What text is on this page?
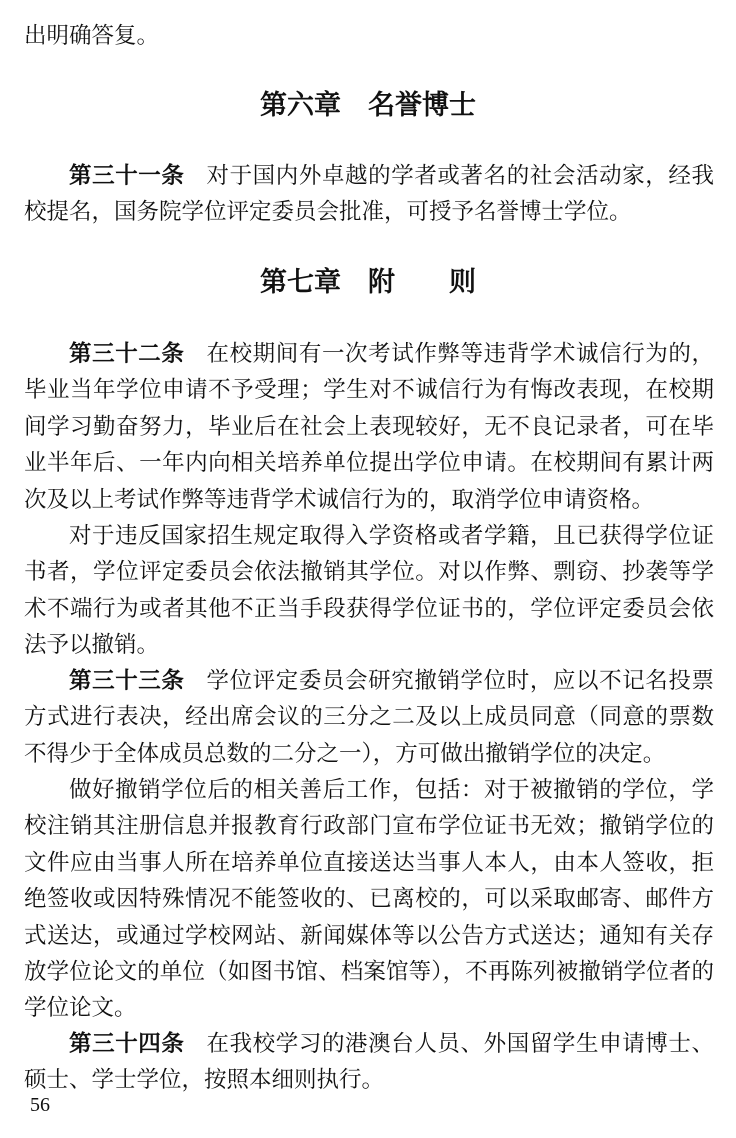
出明确答复。

第六章　名誉博士

第三十一条 对于国内外卓越的学者或著名的社会活动家，经我校提名，国务院学位评定委员会批准，可授予名誉博士学位。

第七章　附　　则

第三十二条 在校期间有一次考试作弊等违背学术诚信行为的，毕业当年学位申请不予受理；学生对不诚信行为有悔改表现，在校期间学习勤奋努力，毕业后在社会上表现较好，无不良记录者，可在毕业半年后、一年内向相关培养单位提出学位申请。在校期间有累计两次及以上考试作弊等违背学术诚信行为的，取消学位申请资格。

对于违反国家招生规定取得入学资格或者学籍，且已获得学位证书者，学位评定委员会依法撤销其学位。对以作弊、剽窃、抄袭等学术不端行为或者其他不正当手段获得学位证书的，学位评定委员会依法予以撤销。

第三十三条 学位评定委员会研究撤销学位时，应以不记名投票方式进行表决，经出席会议的三分之二及以上成员同意（同意的票数不得少于全体成员总数的二分之一），方可做出撤销学位的决定。

做好撤销学位后的相关善后工作，包括：对于被撤销的学位，学校注销其注册信息并报教育行政部门宣布学位证书无效；撤销学位的文件应由当事人所在培养单位直接送达当事人本人，由本人签收，拒绝签收或因特殊情况不能签收的、已离校的，可以采取邮寄、邮件方式送达，或通过学校网站、新闻媒体等以公告方式送达；通知有关存放学位论文的单位（如图书馆、档案馆等），不再陈列被撤销学位者的学位论文。

第三十四条 在我校学习的港澳台人员、外国留学生申请博士、硕士、学士学位，按照本细则执行。

56
